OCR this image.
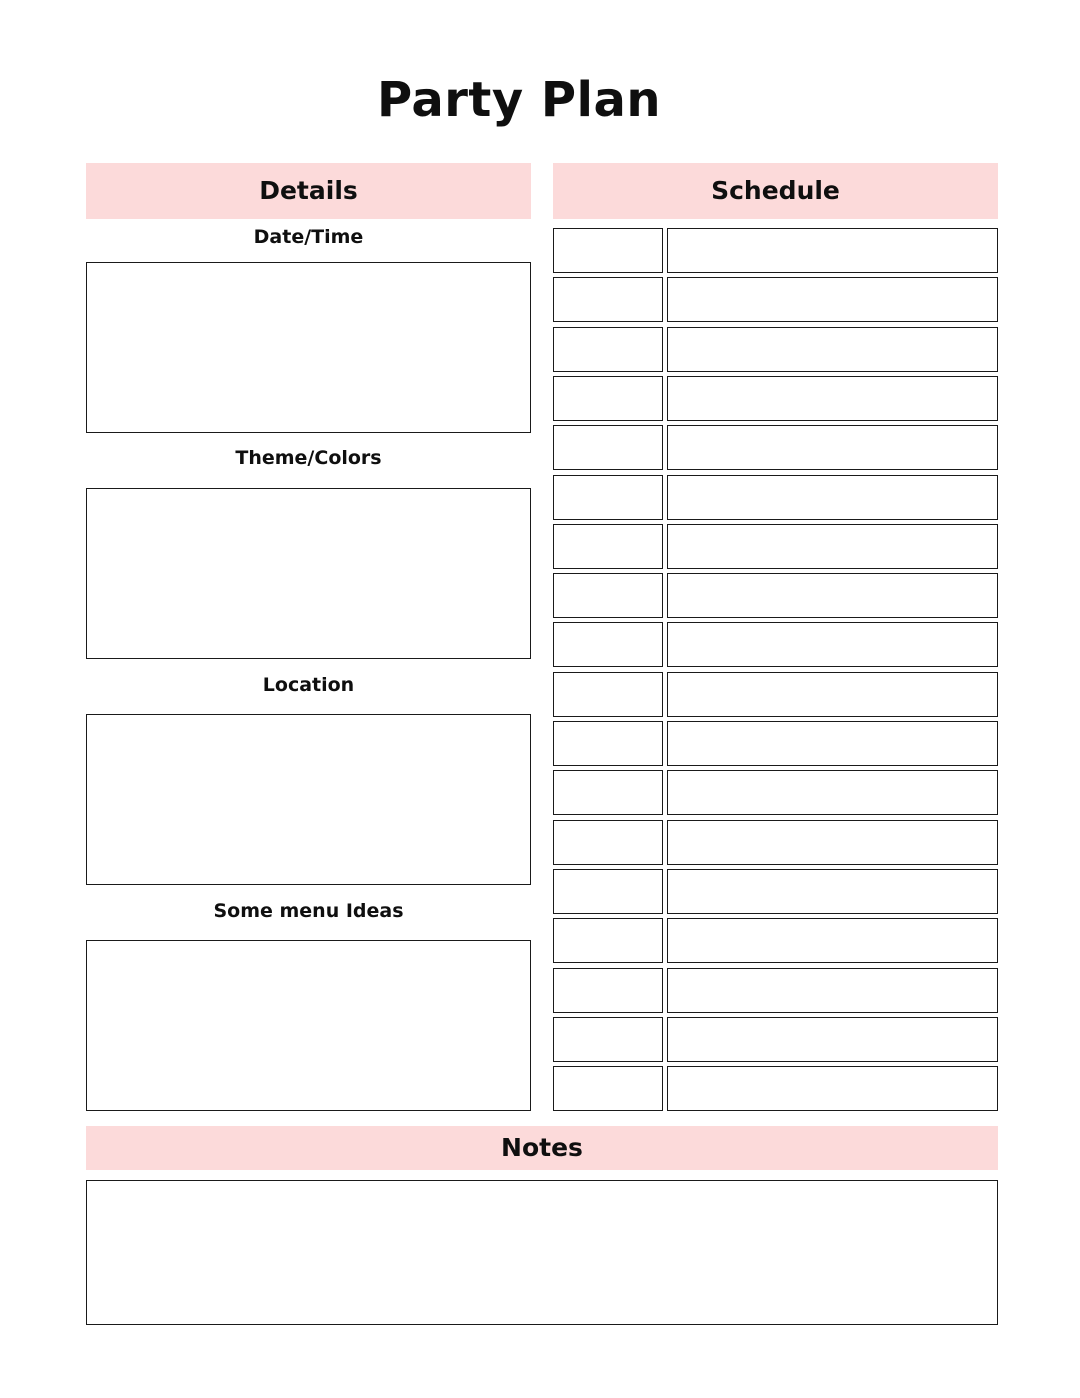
Party Plan
Details
Date/Time
Theme/Colors
Location
Some menu Ideas
Schedule
Notes
